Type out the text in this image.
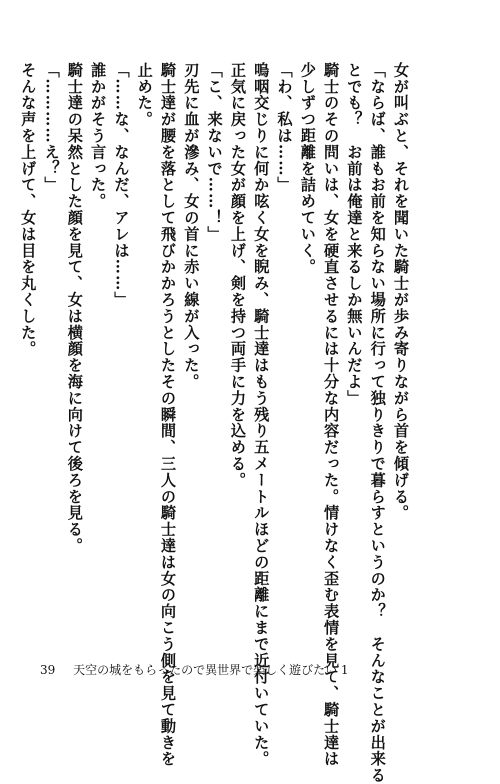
女が叫ぶと、それを聞いた騎士が歩み寄りながら首を傾げる。
「ならば、誰もお前を知らない場所に行って独りきりで暮らすというのか？　そんなことが出来る
とでも？　お前は俺達と来るしか無いんだよ」
騎士のその問いは、女を硬直させるには十分な内容だった。情けなく歪む表情を見て、騎士達は
少しずつ距離を詰めていく。
「わ、私は……」
嗚咽交じりに何か呟く女を睨み、騎士達はもう残り五メートルほどの距離にまで近付いていた。
正気に戻った女が顔を上げ、剣を持つ両手に力を込める。
「こ、来ないで……！」
刃先に血が滲み、女の首に赤い線が入った。
騎士達が腰を落として飛びかかろうとしたその瞬間、三人の騎士達は女の向こう側を見て動きを
止めた。
「……な、なんだ、アレは……」
誰かがそう言った。
騎士達の呆然とした顔を見て、女は横顔を海に向けて後ろを見る。
「…………え？」
そんな声を上げて、女は目を丸くした。
39 天空の城をもらったので異世界で楽しく遊びたい 1
